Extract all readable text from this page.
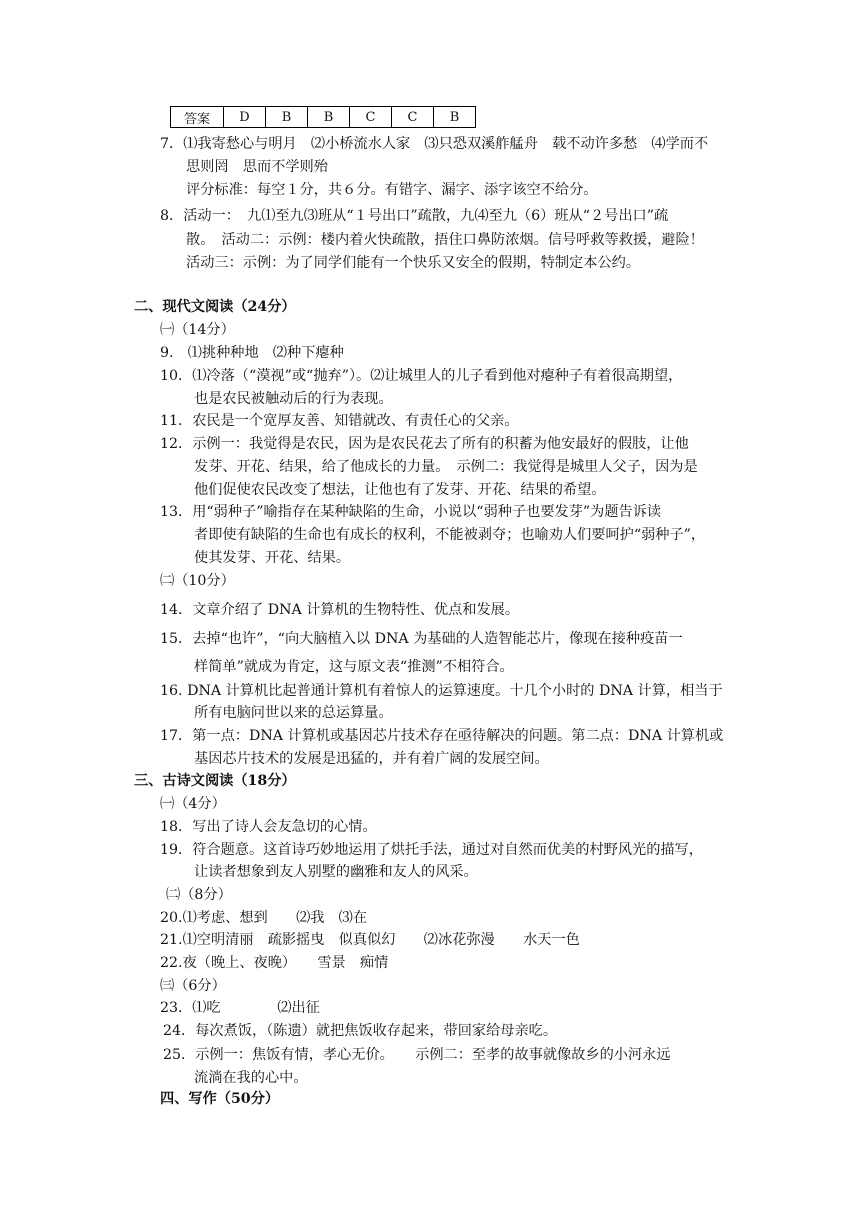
答案	D	B	B	C	C	B
7．⑴我寄愁心与明月　⑵小桥流水人家　⑶只恐双溪舴艋舟　载不动许多愁　⑷学而不
思则罔　思而不学则殆
评分标准：每空１分，共６分。有错字、漏字、添字该空不给分。
8．活动一：　九⑴至九⑶班从“１号出口”疏散，九⑷至九（6）班从“２号出口”疏
散。　活动二：示例：楼内着火快疏散，捂住口鼻防浓烟。信号呼救等救援，避险！
活动三：示例：为了同学们能有一个快乐又安全的假期，特制定本公约。
二、现代文阅读（24分）
㈠（14分）
9.　⑴挑种种地　⑵种下瘪种
10．⑴冷落（“漠视”或“抛弃”）。⑵让城里人的儿子看到他对瘪种子有着很高期望，
也是农民被触动后的行为表现。
11．农民是一个宽厚友善、知错就改、有责任心的父亲。
12．示例一：我觉得是农民，因为是农民花去了所有的积蓄为他安最好的假肢，让他
发芽、开花、结果，给了他成长的力量。　示例二：我觉得是城里人父子，因为是
他们促使农民改变了想法，让他也有了发芽、开花、结果的希望。
13．用“弱种子”喻指存在某种缺陷的生命，小说以“弱种子也要发芽”为题告诉读
者即使有缺陷的生命也有成长的权利，不能被剥夺；也喻劝人们要呵护“弱种子”，
使其发芽、开花、结果。
㈡（10分）
14．文章介绍了 DNA 计算机的生物特性、优点和发展。
15．去掉“也许”，“向大脑植入以 DNA 为基础的人造智能芯片，像现在接种疫苗一
样简单”就成为肯定，这与原文表“推测”不相符合。
16. DNA 计算机比起普通计算机有着惊人的运算速度。十几个小时的 DNA 计算，相当于
所有电脑问世以来的总运算量。
17．第一点：DNA 计算机或基因芯片技术存在亟待解决的问题。第二点：DNA 计算机或
基因芯片技术的发展是迅猛的，并有着广阔的发展空间。
三、古诗文阅读（18分）
㈠（4分）
18．写出了诗人会友急切的心情。
19．符合题意。这首诗巧妙地运用了烘托手法，通过对自然而优美的村野风光的描写，
让读者想象到友人别墅的幽雅和友人的风采。
㈡（8分）
20.⑴考虑、想到　　⑵我　⑶在
21.⑴空明清丽　疏影摇曳　似真似幻　　⑵冰花弥漫　　水天一色
22.夜（晚上、夜晚）　　雪景　痴情
㈢（6分）
23．⑴吃　　　　⑵出征
24．每次煮饭，（陈遗）就把焦饭收存起来，带回家给母亲吃。
25．示例一：焦饭有情，孝心无价。　　示例二：至孝的故事就像故乡的小河永远
流淌在我的心中。
四、写作（50分）
